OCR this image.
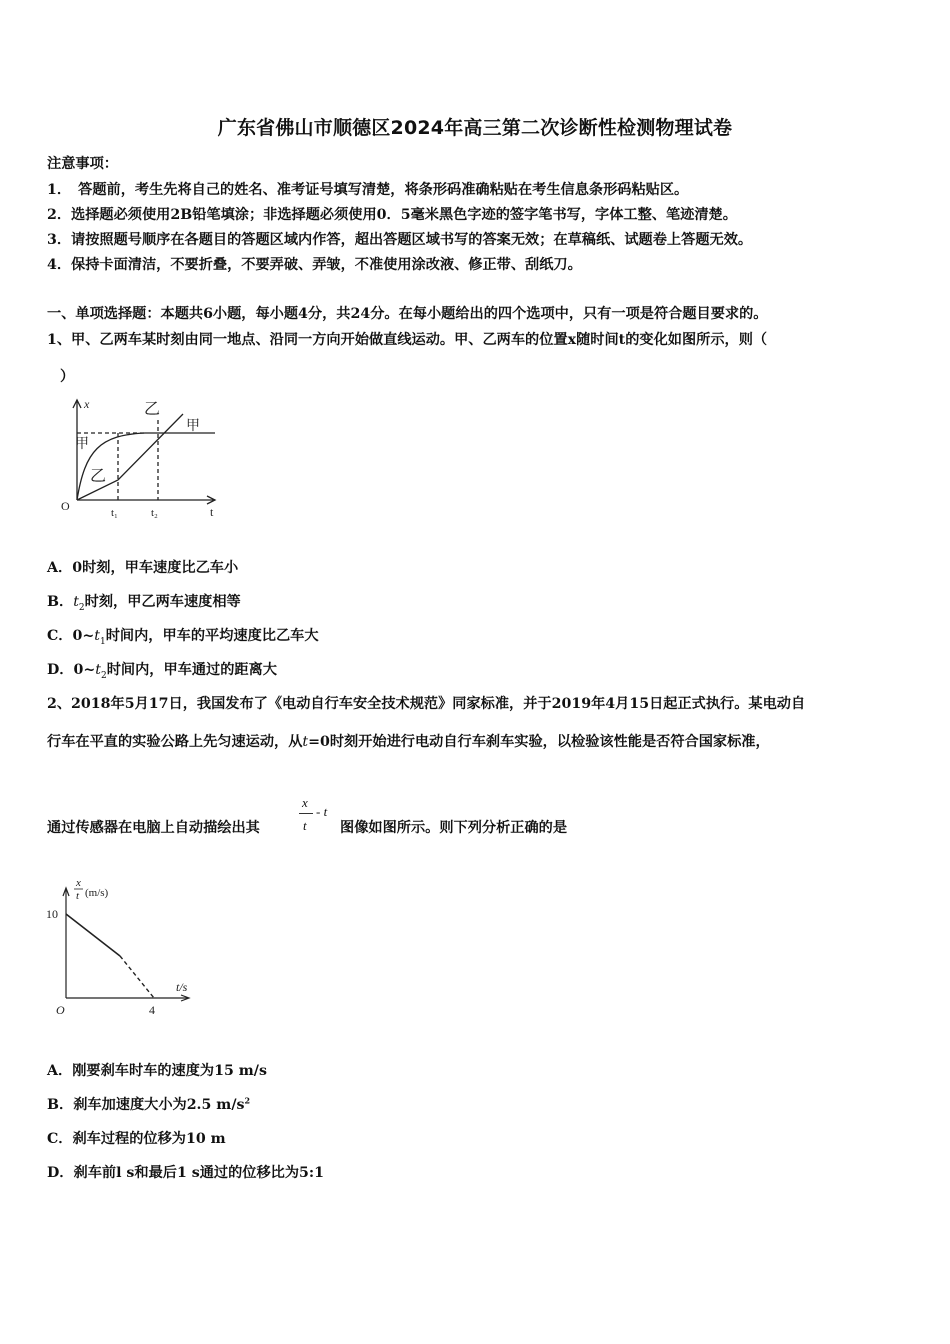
广东省佛山市顺德区2024年高三第二次诊断性检测物理试卷
注意事项：
1．　答题前，考生先将自己的姓名、准考证号填写清楚，将条形码准确粘贴在考生信息条形码粘贴区。
2．选择题必须使用2B铅笔填涂；非选择题必须使用0．5毫米黑色字迹的签字笔书写，字体工整、笔迹清楚。
3．请按照题号顺序在各题目的答题区域内作答，超出答题区域书写的答案无效；在草稿纸、试题卷上答题无效。
4．保持卡面清洁，不要折叠，不要弄破、弄皱，不准使用涂改液、修正带、刮纸刀。
一、单项选择题：本题共6小题，每小题4分，共24分。在每小题给出的四个选项中，只有一项是符合题目要求的。
1、甲、乙两车某时刻由同一地点、沿同一方向开始做直线运动。甲、乙两车的位置x随时间t的变化如图所示，则（
）
x
O	t
t₁	t₂
甲
甲
乙
乙
A．0时刻，甲车速度比乙车小
B．$t_2$时刻，甲乙两车速度相等
C．$0\sim t_1$时间内，甲车的平均速度比乙车大
D．$0\sim t_2$时间内，甲车通过的距离大
2、2018年5月17日，我国发布了《电动自行车安全技术规范》同家标准，并于2019年4月15日起正式执行。某电动自
行车在平直的实验公路上先匀速运动，从t=0时刻开始进行电动自行车刹车实验，以检验该性能是否符合国家标准，
通过传感器在电脑上自动描绘出其
x
t
- t
图像如图所示。则下列分析正确的是
x
t (m/s)
10
t/s
4
O
A．刚要刹车时车的速度为15 m/s
B．刹车加速度大小为2.5 $m/s^2$
C．刹车过程的位移为10 m
D．刹车前l s和最后1 s通过的位移比为5:1
